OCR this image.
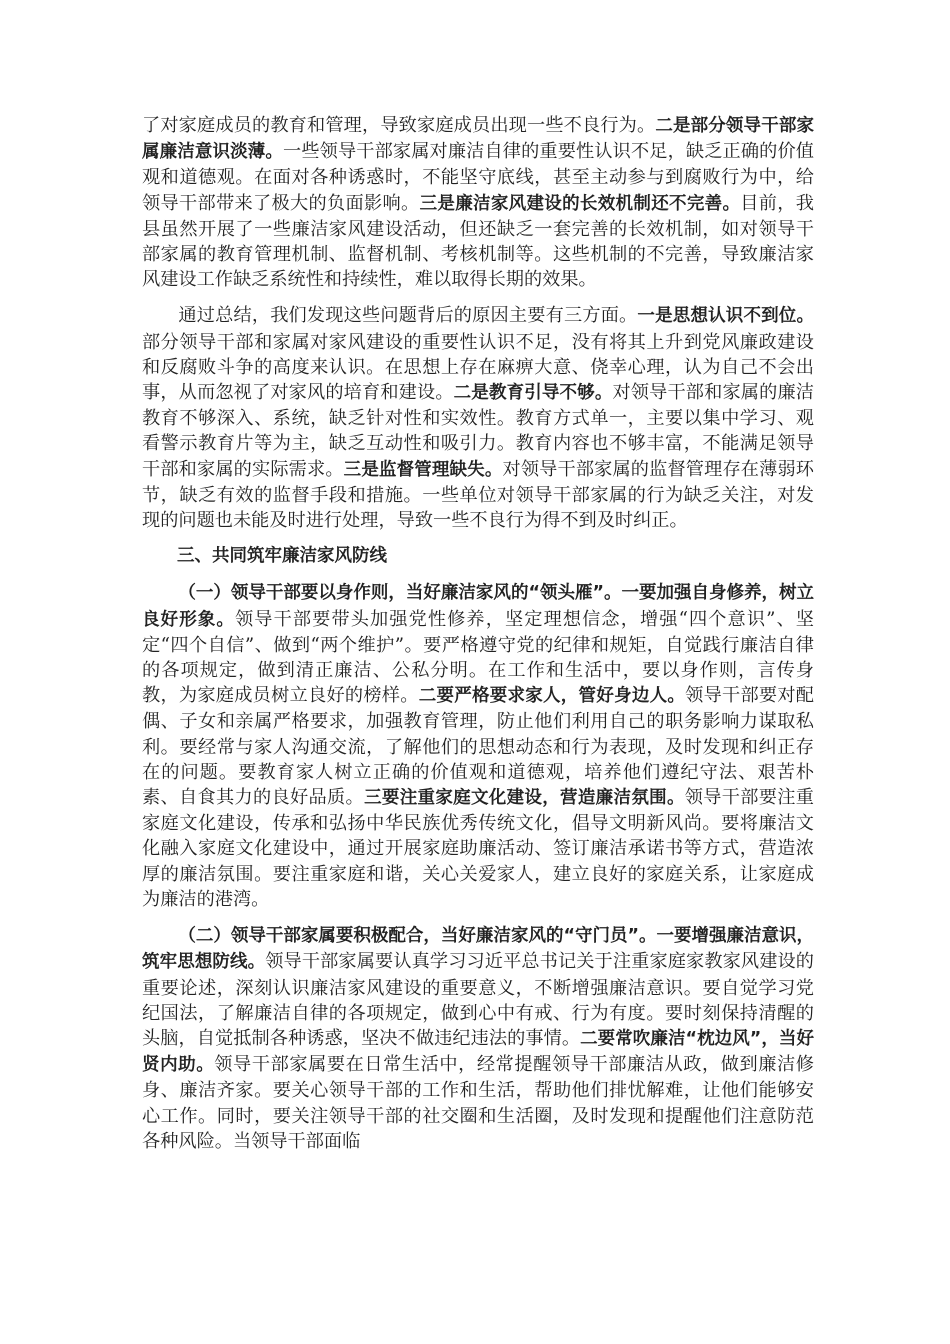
了对家庭成员的教育和管理，导致家庭成员出现一些不良行为。二是部分领导干部家属廉洁意识淡薄。一些领导干部家属对廉洁自律的重要性认识不足，缺乏正确的价值观和道德观。在面对各种诱惑时，不能坚守底线，甚至主动参与到腐败行为中，给领导干部带来了极大的负面影响。三是廉洁家风建设的长效机制还不完善。目前，我县虽然开展了一些廉洁家风建设活动，但还缺乏一套完善的长效机制，如对领导干部家属的教育管理机制、监督机制、考核机制等。这些机制的不完善，导致廉洁家风建设工作缺乏系统性和持续性，难以取得长期的效果。

通过总结，我们发现这些问题背后的原因主要有三方面。一是思想认识不到位。部分领导干部和家属对家风建设的重要性认识不足，没有将其上升到党风廉政建设和反腐败斗争的高度来认识。在思想上存在麻痹大意、侥幸心理，认为自己不会出事，从而忽视了对家风的培育和建设。二是教育引导不够。对领导干部和家属的廉洁教育不够深入、系统，缺乏针对性和实效性。教育方式单一，主要以集中学习、观看警示教育片等为主，缺乏互动性和吸引力。教育内容也不够丰富，不能满足领导干部和家属的实际需求。三是监督管理缺失。对领导干部家属的监督管理存在薄弱环节，缺乏有效的监督手段和措施。一些单位对领导干部家属的行为缺乏关注，对发现的问题也未能及时进行处理，导致一些不良行为得不到及时纠正。

三、共同筑牢廉洁家风防线

（一）领导干部要以身作则，当好廉洁家风的“领头雁”。一要加强自身修养，树立良好形象。领导干部要带头加强党性修养，坚定理想信念，增强“四个意识”、坚定“四个自信”、做到“两个维护”。要严格遵守党的纪律和规矩，自觉践行廉洁自律的各项规定，做到清正廉洁、公私分明。在工作和生活中，要以身作则，言传身教，为家庭成员树立良好的榜样。二要严格要求家人，管好身边人。领导干部要对配偶、子女和亲属严格要求，加强教育管理，防止他们利用自己的职务影响力谋取私利。要经常与家人沟通交流，了解他们的思想动态和行为表现，及时发现和纠正存在的问题。要教育家人树立正确的价值观和道德观，培养他们遵纪守法、艰苦朴素、自食其力的良好品质。三要注重家庭文化建设，营造廉洁氛围。领导干部要注重家庭文化建设，传承和弘扬中华民族优秀传统文化，倡导文明新风尚。要将廉洁文化融入家庭文化建设中，通过开展家庭助廉活动、签订廉洁承诺书等方式，营造浓厚的廉洁氛围。要注重家庭和谐，关心关爱家人，建立良好的家庭关系，让家庭成为廉洁的港湾。

（二）领导干部家属要积极配合，当好廉洁家风的“守门员”。一要增强廉洁意识，筑牢思想防线。领导干部家属要认真学习习近平总书记关于注重家庭家教家风建设的重要论述，深刻认识廉洁家风建设的重要意义，不断增强廉洁意识。要自觉学习党纪国法，了解廉洁自律的各项规定，做到心中有戒、行为有度。要时刻保持清醒的头脑，自觉抵制各种诱惑，坚决不做违纪违法的事情。二要常吹廉洁“枕边风”，当好贤内助。领导干部家属要在日常生活中，经常提醒领导干部廉洁从政，做到廉洁修身、廉洁齐家。要关心领导干部的工作和生活，帮助他们排忧解难，让他们能够安心工作。同时，要关注领导干部的社交圈和生活圈，及时发现和提醒他们注意防范各种风险。当领导干部面临
